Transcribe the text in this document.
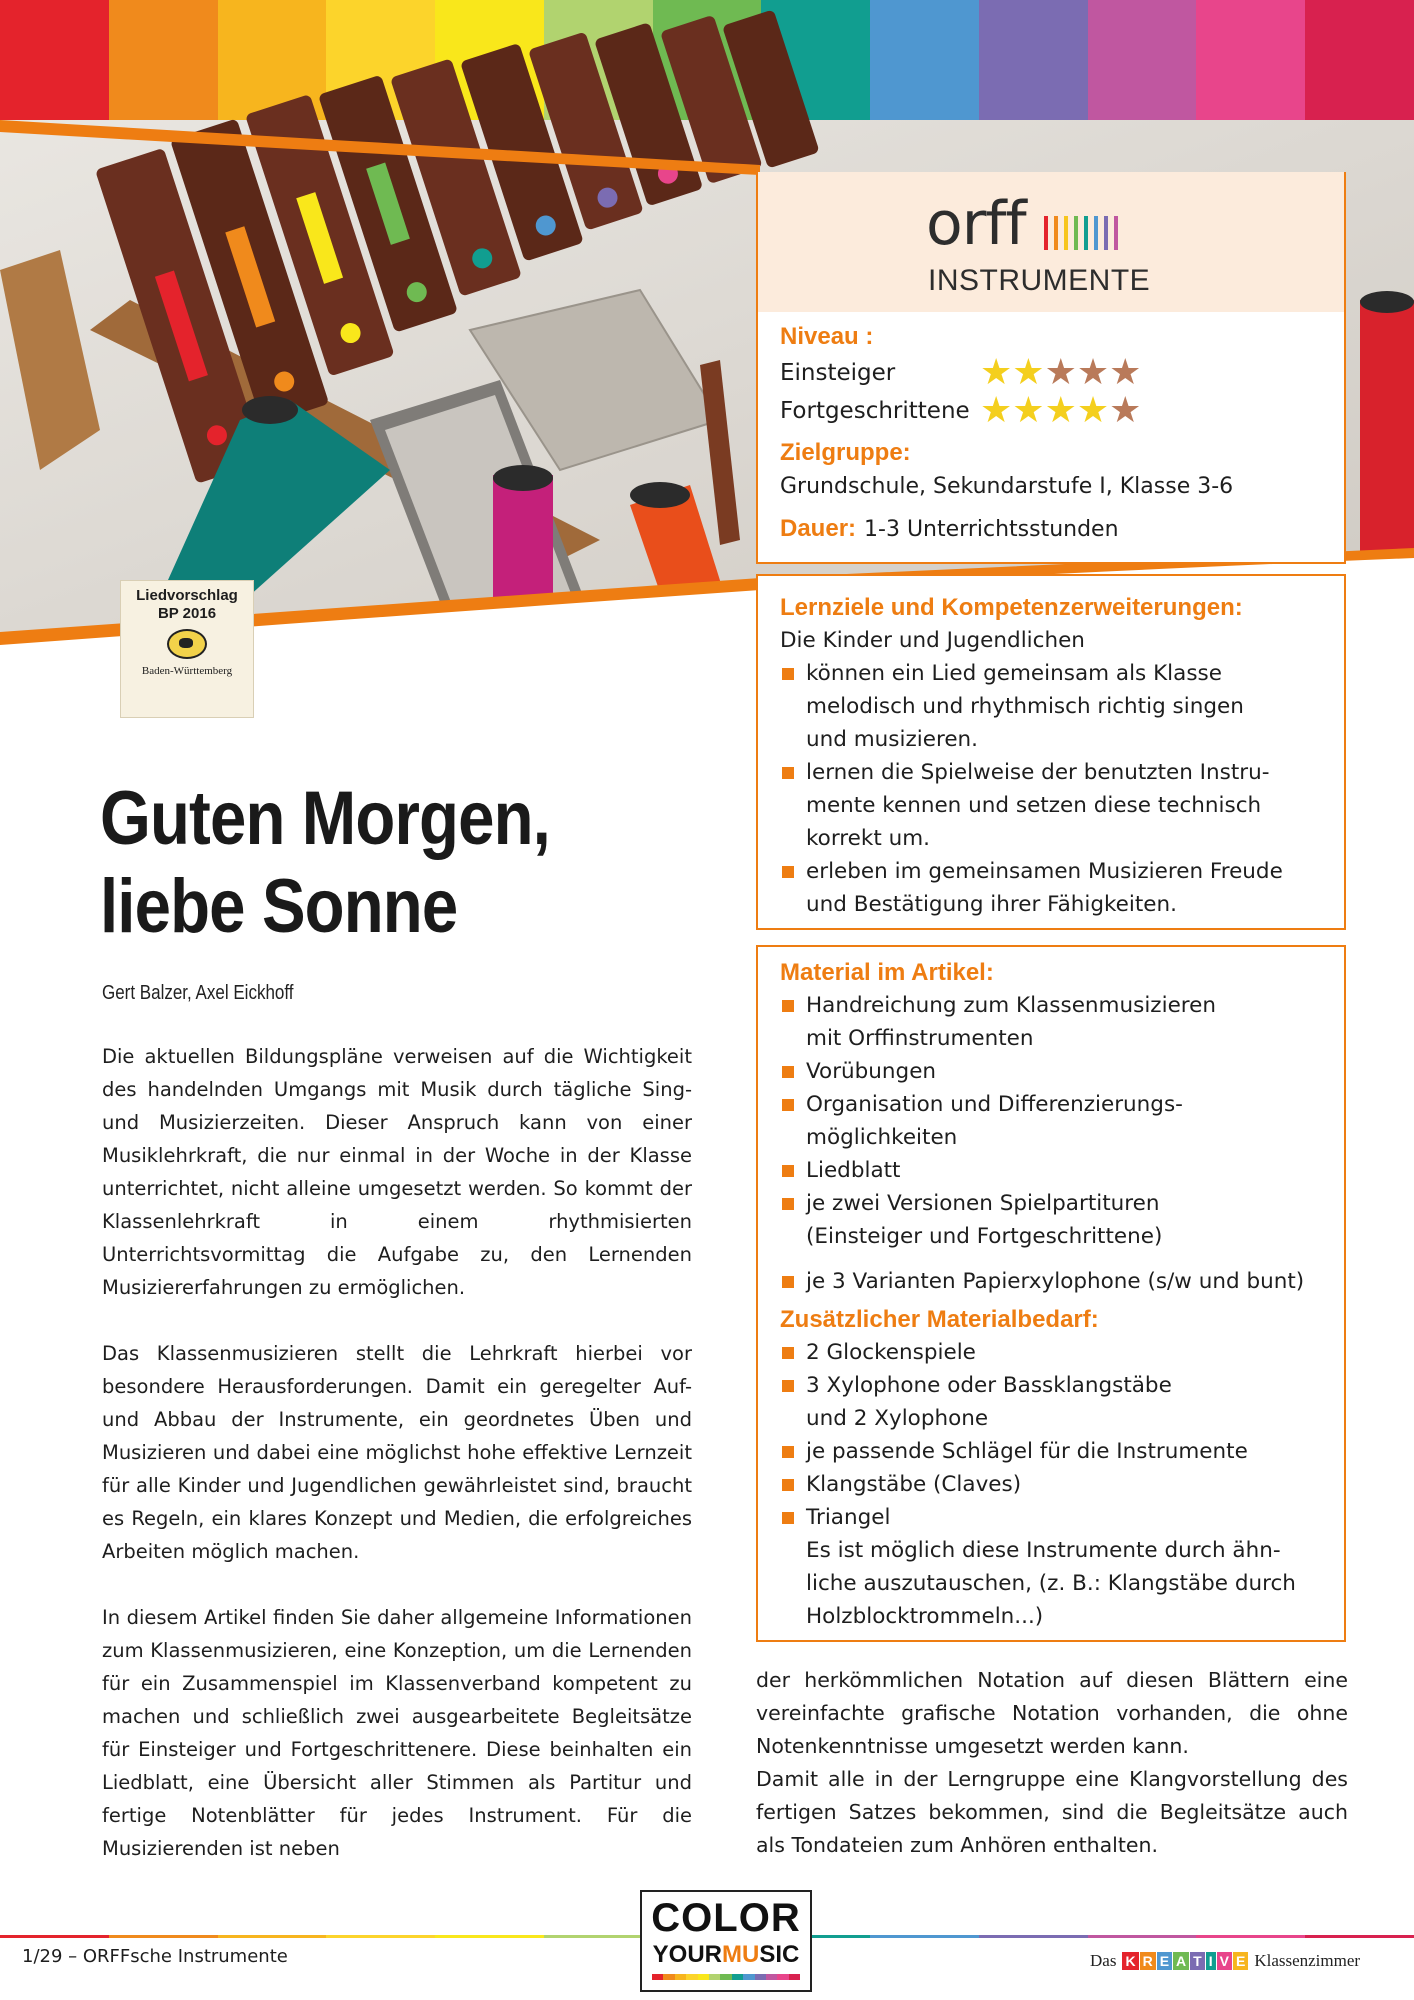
Liedvorschlag
BP 2016
Baden-Württemberg
Guten Morgen,
liebe Sonne
Gert Balzer, Axel Eickhoff

Die aktuellen Bildungspläne verweisen auf die Wichtigkeit des handelnden Umgangs mit Musik durch tägliche Sing- und Musizierzeiten. Dieser Anspruch kann von einer Musiklehrkraft, die nur einmal in der Woche in der Klasse unterrichtet, nicht alleine umgesetzt werden. So kommt der Klassenlehrkraft in einem rhythmisierten Unterrichtsvormittag die Aufgabe zu, den Lernenden Musiziererfahrungen zu ermöglichen.

Das Klassenmusizieren stellt die Lehrkraft hierbei vor besondere Herausforderungen. Damit ein geregelter Auf- und Abbau der Instrumente, ein geordnetes Üben und Musizieren und dabei eine möglichst hohe effektive Lernzeit für alle Kinder und Jugendlichen gewährleistet sind, braucht es Regeln, ein klares Konzept und Medien, die erfolgreiches Arbeiten möglich machen.

In diesem Artikel finden Sie daher allgemeine Informationen zum Klassenmusizieren, eine Konzeption, um die Lernenden für ein Zusammenspiel im Klassenverband kompetent zu machen und schließlich zwei ausgearbeitete Begleitsätze für Einsteiger und Fortgeschrittenere. Diese beinhalten ein Liedblatt, eine Übersicht aller Stimmen als Partitur und fertige Notenblätter für jedes Instrument. Für die Musizierenden ist neben

orff
INSTRUMENTE
Niveau :
Einsteiger	★ ★ ★ ★ ★
Fortgeschrittene ★ ★ ★ ★ ★
Zielgruppe:
Grundschule, Sekundarstufe I, Klasse 3-6
Dauer: 1-3 Unterrichtsstunden
Lernziele und Kompetenzerweiterungen:
Die Kinder und Jugendlichen
können ein Lied gemeinsam als Klasse
melodisch und rhythmisch richtig singen
und musizieren.
lernen die Spielweise der benutzten Instru-
mente kennen und setzen diese technisch
korrekt um.
erleben im gemeinsamen Musizieren Freude
und Bestätigung ihrer Fähigkeiten.
Material im Artikel:
Handreichung zum Klassenmusizieren
mit Orffinstrumenten
Vorübungen
Organisation und Differenzierungs-
möglichkeiten
Liedblatt
je zwei Versionen Spielpartituren
(Einsteiger und Fortgeschrittene)
je 3 Varianten Papierxylophone (s/w und bunt)
Zusätzlicher Materialbedarf:
2 Glockenspiele
3 Xylophone oder Bassklangstäbe
und 2 Xylophone
je passende Schlägel für die Instrumente
Klangstäbe (Claves)
Triangel
Es ist möglich diese Instrumente durch ähn-
liche auszutauschen, (z. B.: Klangstäbe durch
Holzblocktrommeln...)

der herkömmlichen Notation auf diesen Blättern eine vereinfachte grafische Notation vorhanden, die ohne Notenkenntnisse umgesetzt werden kann.

Damit alle in der Lerngruppe eine Klangvorstellung des fertigen Satzes bekommen, sind die Begleitsätze auch als Tondateien zum Anhören enthalten.

1/29 – ORFFsche Instrumente
COLOR
YOURMUSIC	Das K R E A T I V E Klassenzimmer
